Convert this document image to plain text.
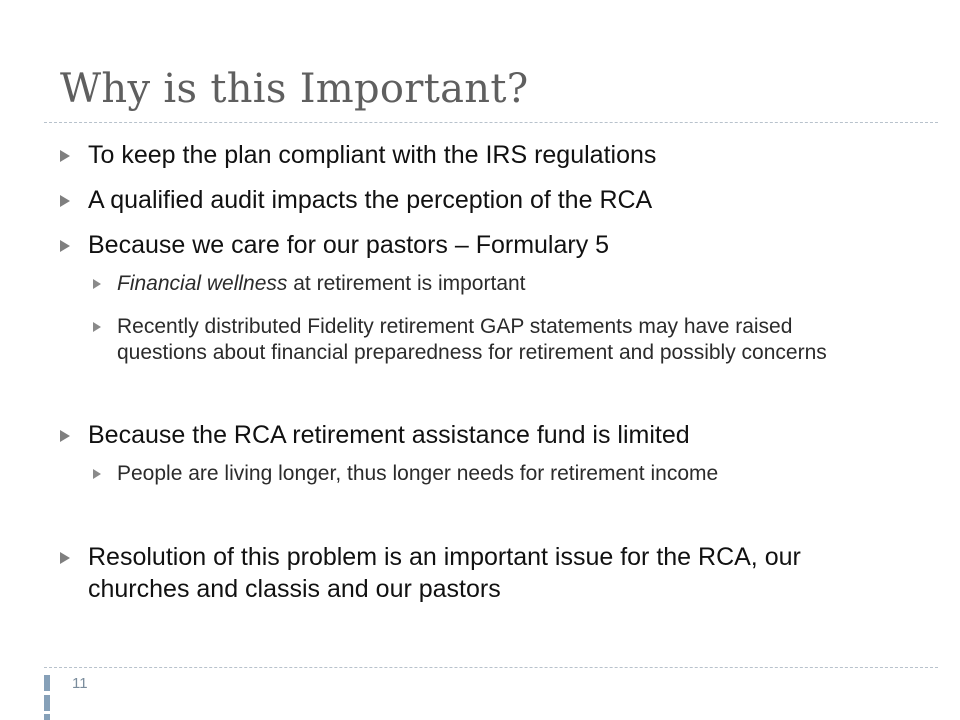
Why is this Important?
To keep the plan compliant with the IRS regulations
A qualified audit impacts the perception of the RCA
Because we care for our pastors – Formulary 5
Financial wellness at retirement is important
Recently distributed Fidelity retirement GAP statements may have raised questions about financial preparedness for retirement and possibly concerns
Because the RCA retirement assistance fund is limited
People are living longer, thus longer needs for retirement income
Resolution of this problem is an important issue for the RCA, our churches and classis and our pastors
11
